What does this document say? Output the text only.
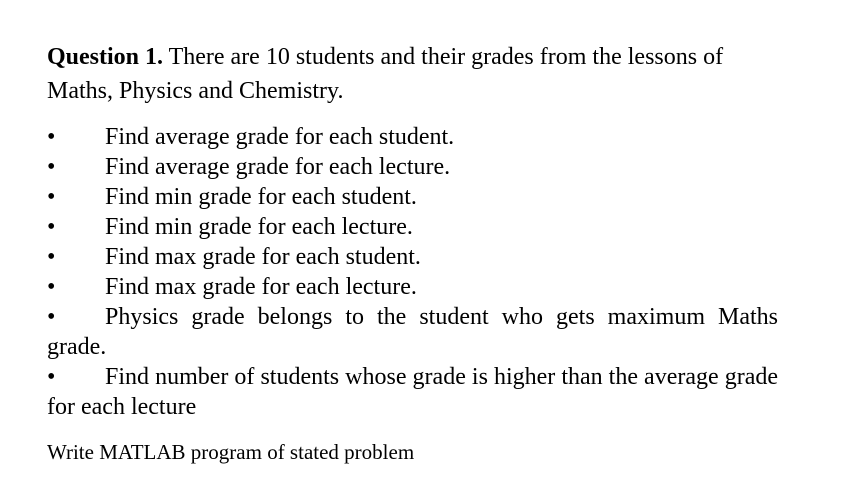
Question 1. There are 10 students and their grades from the lessons of Maths, Physics and Chemistry.

• Find average grade for each student.
• Find average grade for each lecture.
• Find min grade for each student.
• Find min grade for each lecture.
• Find max grade for each student.
• Find max grade for each lecture.
• Physics grade belongs to the student who gets maximum Maths grade.
• Find number of students whose grade is higher than the average grade for each lecture

Write MATLAB program of stated problem
